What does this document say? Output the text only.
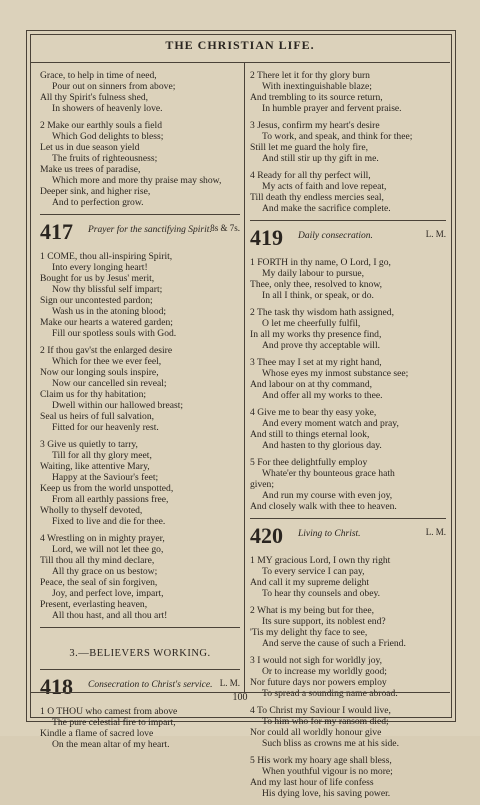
THE CHRISTIAN LIFE.
Grace, to help in time of need,
Pour out on sinners from above;
All thy Spirit's fulness shed,
In showers of heavenly love.
2 Make our earthly souls a field
Which God delights to bless;
Let us in due season yield
The fruits of righteousness;
Make us trees of paradise,
Which more and more thy praise may show,
Deeper sink, and higher rise,
And to perfection grow.
417 Prayer for the sanctifying Spirit.
8s & 7s.
1 COME, thou all-inspiring Spirit,
Into every longing heart!
Bought for us by Jesus' merit,
Now thy blissful self impart;
Sign our uncontested pardon;
Wash us in the atoning blood;
Make our hearts a watered garden;
Fill our spotless souls with God.
2 If thou gav'st the enlarged desire
Which for thee we ever feel,
Now our longing souls inspire,
Now our cancelled sin reveal;
Claim us for thy habitation;
Dwell within our hallowed breast;
Seal us heirs of full salvation,
Fitted for our heavenly rest.
3 Give us quietly to tarry,
Till for all thy glory meet,
Waiting, like attentive Mary,
Happy at the Saviour's feet;
Keep us from the world unspotted,
From all earthly passions free,
Wholly to thyself devoted,
Fixed to live and die for thee.
4 Wrestling on in mighty prayer,
Lord, we will not let thee go,
Till thou all thy mind declare,
All thy grace on us bestow;
Peace, the seal of sin forgiven,
Joy, and perfect love, impart,
Present, everlasting heaven,
All thou hast, and all thou art!
3.—BELIEVERS WORKING.
418 Consecration to Christ's service. L. M.
1 O THOU who camest from above
The pure celestial fire to impart,
Kindle a flame of sacred love
On the mean altar of my heart.
2 There let it for thy glory burn
With inextinguishable blaze;
And trembling to its source return,
In humble prayer and fervent praise.
3 Jesus, confirm my heart's desire
To work, and speak, and think for thee;
Still let me guard the holy fire,
And still stir up thy gift in me.
4 Ready for all thy perfect will,
My acts of faith and love repeat,
Till death thy endless mercies seal,
And make the sacrifice complete.
419 Daily consecration.	L. M.
1 FORTH in thy name, O Lord, I go,
My daily labour to pursue,
Thee, only thee, resolved to know,
In all I think, or speak, or do.
2 The task thy wisdom hath assigned,
O let me cheerfully fulfil,
In all my works thy presence find,
And prove thy acceptable will.
3 Thee may I set at my right hand,
Whose eyes my inmost substance see;
And labour on at thy command,
And offer all my works to thee.
4 Give me to bear thy easy yoke,
And every moment watch and pray,
And still to things eternal look,
And hasten to thy glorious day.
5 For thee delightfully employ
Whate'er thy bounteous grace hath
given;
And run my course with even joy,
And closely walk with thee to heaven.
420 Living to Christ.	L. M.
1 MY gracious Lord, I own thy right
To every service I can pay,
And call it my supreme delight
To hear thy counsels and obey.
2 What is my being but for thee,
Its sure support, its noblest end?
'Tis my delight thy face to see,
And serve the cause of such a Friend.
3 I would not sigh for worldly joy,
Or to increase my worldly good;
Nor future days nor powers employ
To spread a sounding name abroad.
4 To Christ my Saviour I would live,
To him who for my ransom died;
Nor could all worldly honour give
Such bliss as crowns me at his side.
5 His work my hoary age shall bless,
When youthful vigour is no more;
And my last hour of life confess
His dying love, his saving power.
100
